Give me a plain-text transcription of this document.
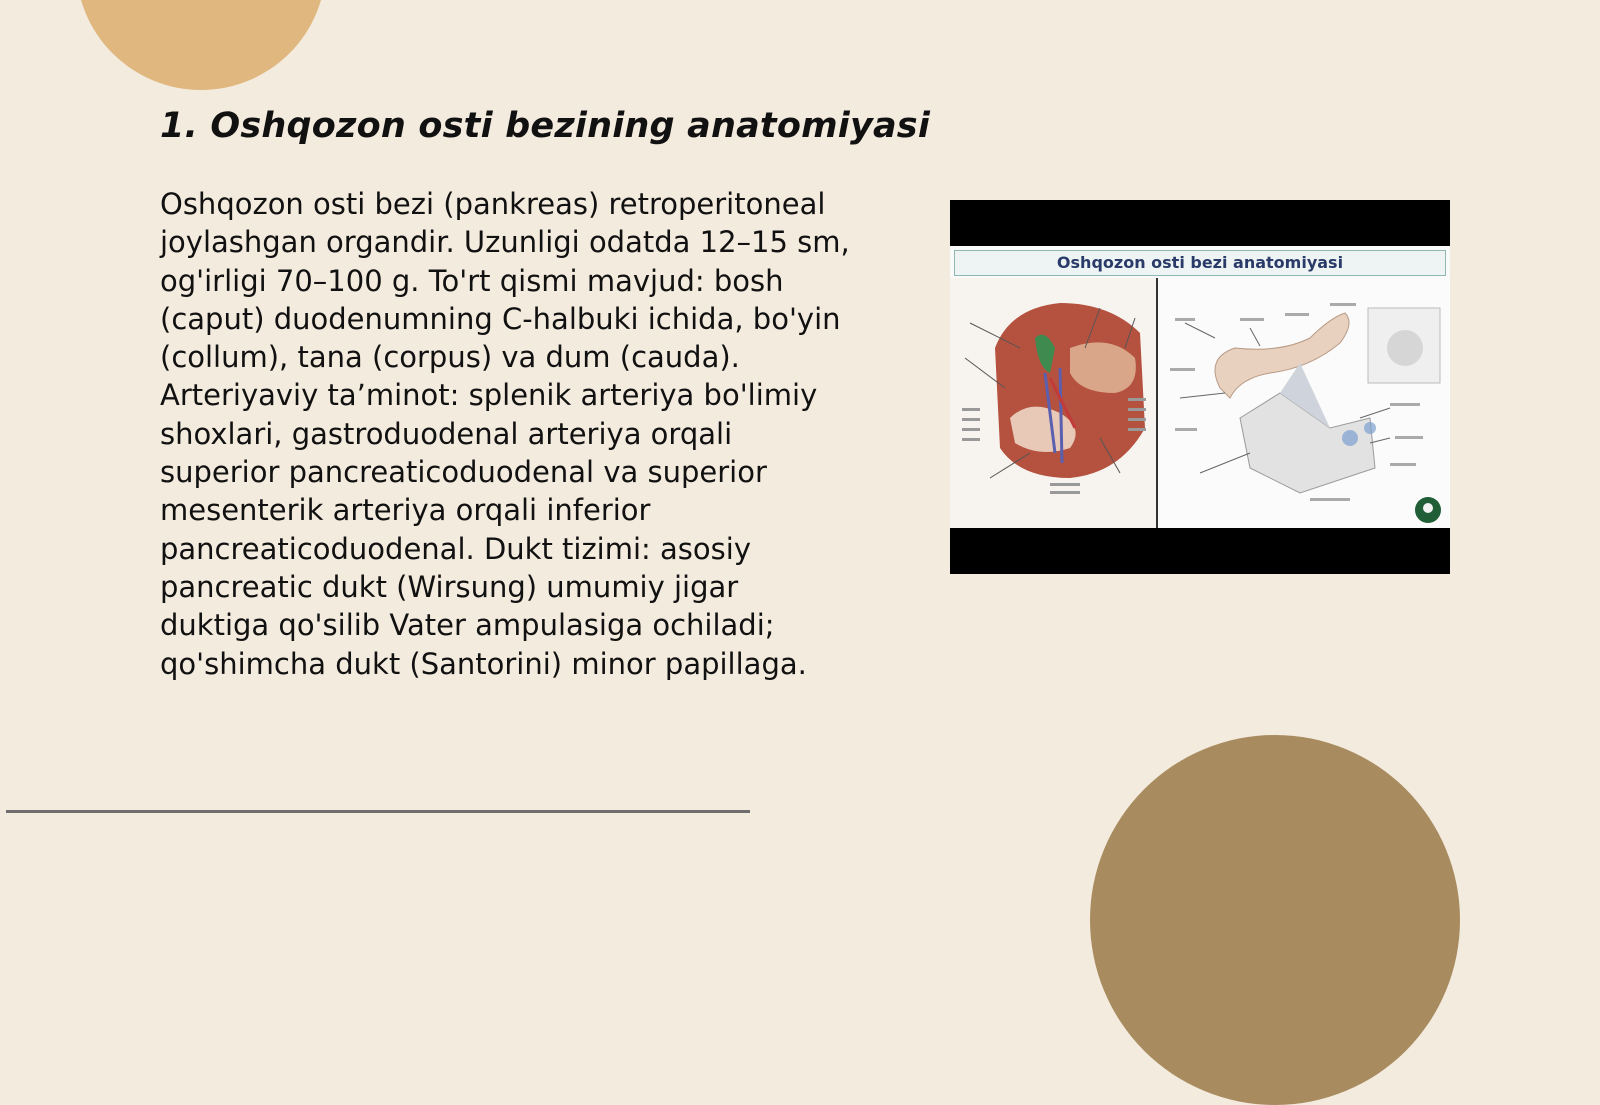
1. Oshqozon osti bezining anatomiyasi

Oshqozon osti bezi (pankreas) retroperitoneal joylashgan organdir. Uzunligi odatda 12–15 sm, og'irligi 70–100 g. To'rt qismi mavjud: bosh (caput) duodenumning C-halbuki ichida, bo'yin (collum), tana (corpus) va dum (cauda). Arteriyaviy ta’minot: splenik arteriya bo'limiy shoxlari, gastroduodenal arteriya orqali superior pancreaticoduodenal va superior mesenterik arteriya orqali inferior pancreaticoduodenal. Dukt tizimi: asosiy pancreatic dukt (Wirsung) umumiy jigar duktiga qo'silib Vater ampulasiga ochiladi; qo'shimcha dukt (Santorini) minor papillaga.

Oshqozon osti bezi anatomiyasi
